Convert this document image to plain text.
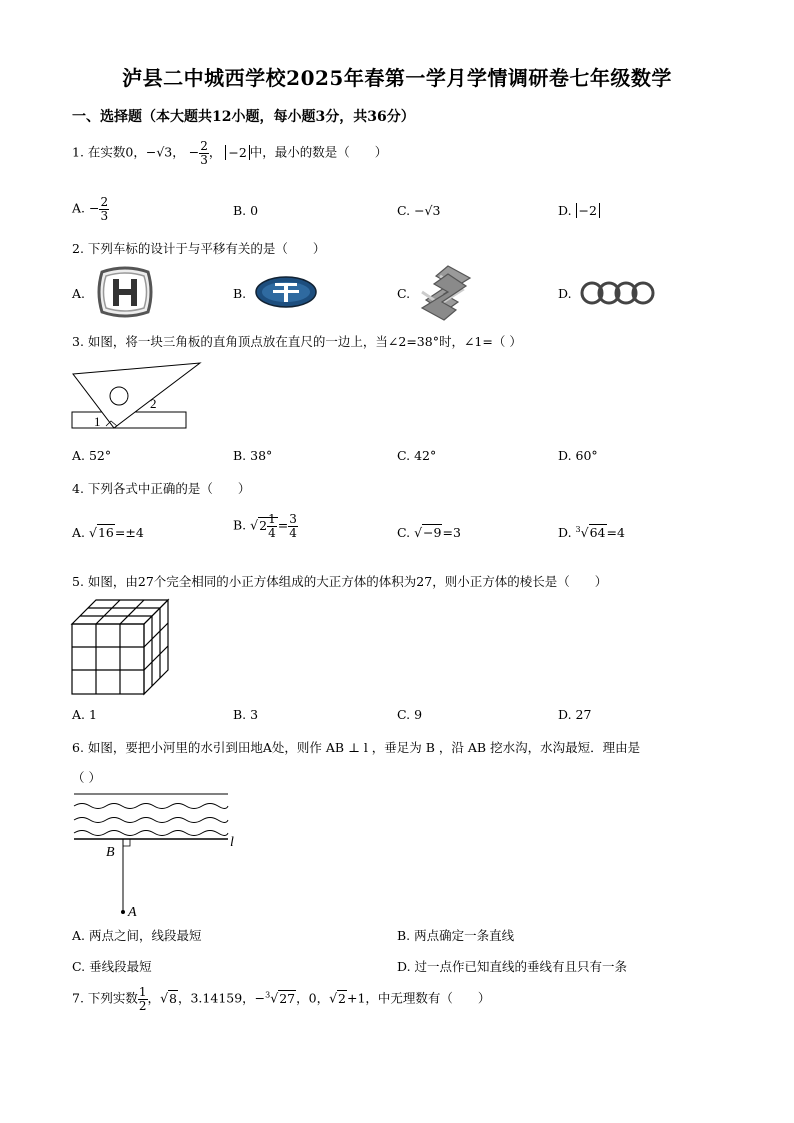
泸县二中城西学校2025年春第一学月学情调研卷七年级数学
一、选择题（本大题共12小题，每小题3分，共36分）
1. 在实数0，−√3， − $\frac{2}{3}$ ， −2 中，最小的数是（　　）
A. − $\frac{2}{3}$	B. 0	C. −√3	D. −2
2. 下列车标的设计于与平移有关的是（　　）
A.	B.	C.	D.
3. 如图，将一块三角板的直角顶点放在直尺的一边上，当∠2=38°时，∠1=（ ）
1
2
A. 52°	B. 38°	C. 42°	D. 60°
4. 下列各式中正确的是（　　）
A. √16=±4	B. $√2 \frac{1}{4} = \frac{3}{4}$	C. √−9=3	D. $^3$√64=4
5. 如图，由27个完全相同的小正方体组成的大正方体的体积为27，则小正方体的棱长是（　　）
A. 1	B. 3	C. 9	D. 27
6. 如图，要把小河里的水引到田地A处，则作 AB ⊥ l ，垂足为 B ，沿 AB 挖水沟，水沟最短．理由是
（ ）
B
A
l
A. 两点之间，线段最短	B. 两点确定一条直线
C. 垂线段最短	D. 过一点作已知直线的垂线有且只有一条
7. 下列实数 $\frac{1}{2}$ ，√8，3.14159，−$^3$√27，0，√2+1，中无理数有（　　）
